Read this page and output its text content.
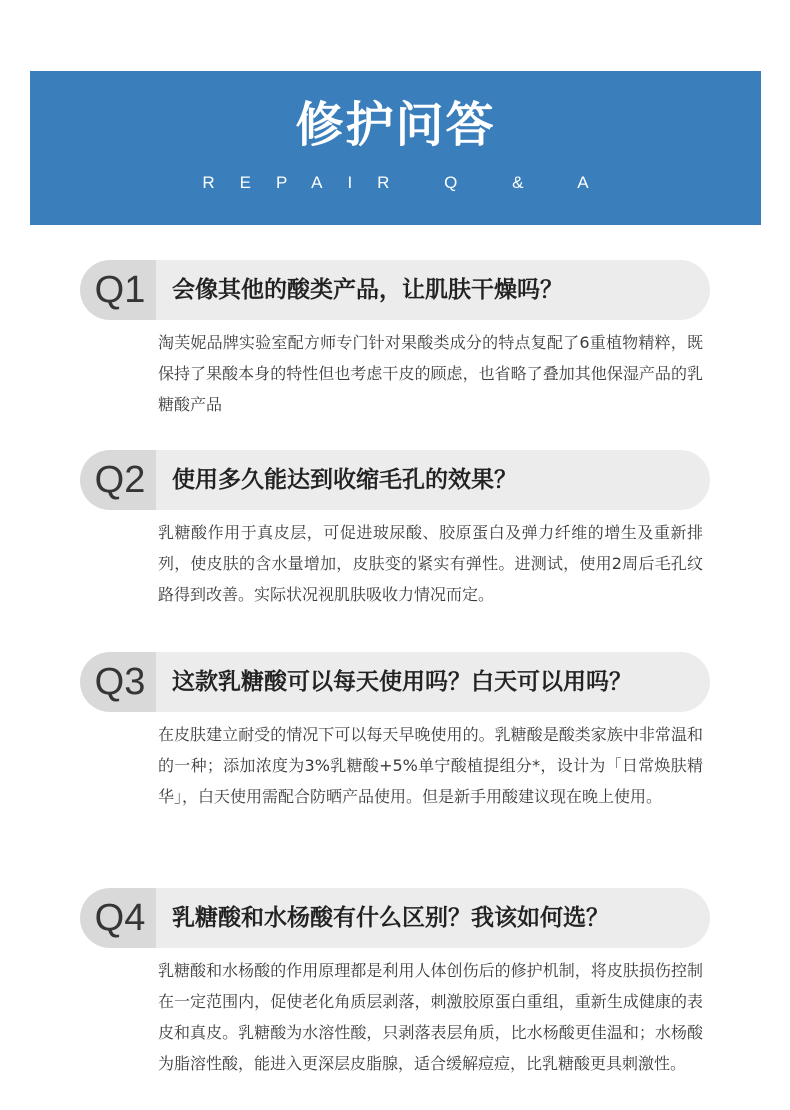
修护问答
REPAIR Q & A
Q1	会像其他的酸类产品，让肌肤干燥吗？
淘芙妮品牌实验室配方师专门针对果酸类成分的特点复配了6重植物精粹，既保持了果酸本身的特性但也考虑干皮的顾虑，也省略了叠加其他保湿产品的乳糖酸产品
Q2	使用多久能达到收缩毛孔的效果？
乳糖酸作用于真皮层，可促进玻尿酸、胶原蛋白及弹力纤维的增生及重新排列，使皮肤的含水量增加，皮肤变的紧实有弹性。进测试，使用2周后毛孔纹路得到改善。实际状况视肌肤吸收力情况而定。
Q3	这款乳糖酸可以每天使用吗？白天可以用吗？
在皮肤建立耐受的情况下可以每天早晚使用的。乳糖酸是酸类家族中非常温和的一种；添加浓度为3%乳糖酸+5%单宁酸植提组分*，设计为「日常焕肤精华」，白天使用需配合防晒产品使用。但是新手用酸建议现在晚上使用。
Q4	乳糖酸和水杨酸有什么区别？我该如何选？
乳糖酸和水杨酸的作用原理都是利用人体创伤后的修护机制，将皮肤损伤控制在一定范围内，促使老化角质层剥落，刺激胶原蛋白重组，重新生成健康的表皮和真皮。乳糖酸为水溶性酸，只剥落表层角质，比水杨酸更佳温和；水杨酸为脂溶性酸，能进入更深层皮脂腺，适合缓解痘痘，比乳糖酸更具刺激性。
